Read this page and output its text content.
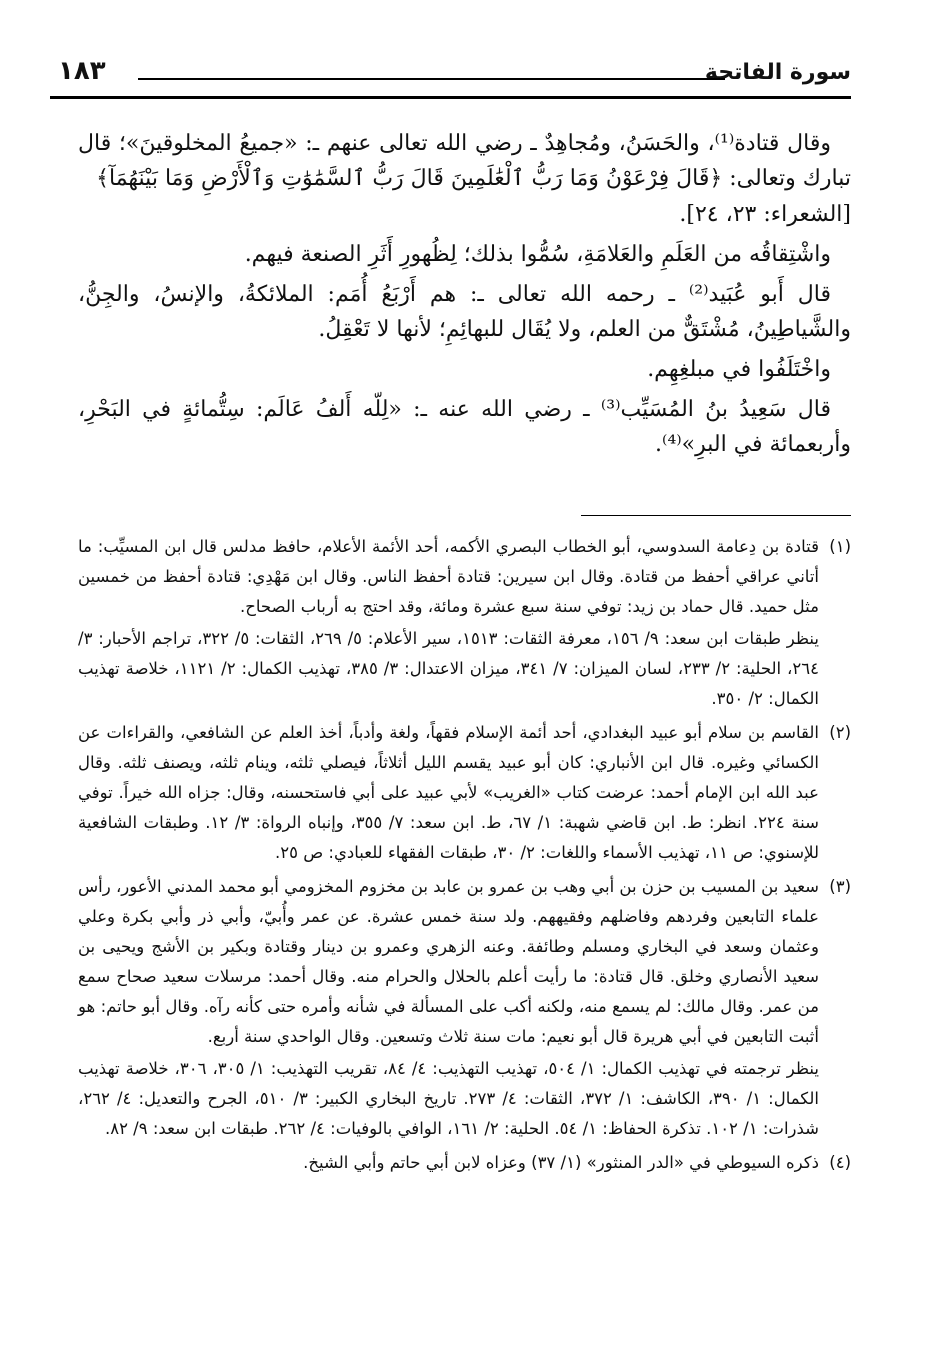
سورة الفاتحة
١٨٣

وقال قتادة⁽¹⁾، والحَسَنُ، ومُجاهِدٌ ـ رضي الله تعالى عنهم ـ: «جميعُ المخلوقينَ»؛ قال تبارك وتعالى: ﴿قَالَ فِرْعَوْنُ وَمَا رَبُّ ٱلْعَٰلَمِينَ قَالَ رَبُّ ٱلسَّمَٰوَٰتِ وَٱلْأَرْضِ وَمَا بَيْنَهُمَآ﴾

[الشعراء: ٢٣، ٢٤].

واشْتِقاقُه من العَلَمِ والعَلامَةِ، سُمُّوا بذلك؛ لِظُهورِ أَثَرِ الصنعة فيهم.

قال أَبو عُبَيد⁽²⁾ ـ رحمه الله تعالى ـ: هم أَرْبَعُ أُمَم: الملائكةُ، والإنسُ، والجِنُّ، والشَّياطِينُ، مُشْتَقٌّ من العلم، ولا يُقَال للبهائِمِ؛ لأنها لا تَعْقِلُ.

واخْتَلَفُوا في مبلغِهِم.

قال سَعِيدُ بنُ المُسَيِّب⁽³⁾ ـ رضي الله عنه ـ: «لِلّه أَلفُ عَالَم: سِتُّمائةٍ في البَحْرِ، وأربعمائة في البرِ»⁽⁴⁾.

(١)

قتادة بن دِعامة السدوسي، أبو الخطاب البصري الأكمه، أحد الأئمة الأعلام، حافظ مدلس قال ابن المسيِّب: ما أتاني عراقي أحفظ من قتادة. وقال ابن سيرين: قتادة أحفظ الناس. وقال ابن مَهْدِي: قتادة أحفظ من خمسين مثل حميد. قال حماد بن زيد: توفي سنة سبع عشرة ومائة، وقد احتج به أرباب الصحاح.

ينظر طبقات ابن سعد: ٩/ ١٥٦، معرفة الثقات: ١٥١٣، سير الأعلام: ٥/ ٢٦٩، الثقات: ٥/ ٣٢٢، تراجم الأحبار: ٣/ ٢٦٤، الحلية: ٢/ ٢٣٣، لسان الميزان: ٧/ ٣٤١، ميزان الاعتدال: ٣/ ٣٨٥، تهذيب الكمال: ٢/ ١١٢١، خلاصة تهذيب الكمال: ٢/ ٣٥٠.

(٢)

القاسم بن سلام أبو عبيد البغدادي، أحد أئمة الإسلام فقهاً، ولغة وأدباً، أخذ العلم عن الشافعي، والقراءات عن الكسائي وغيره. قال ابن الأنباري: كان أبو عبيد يقسم الليل أثلاثاً، فيصلي ثلثه، وينام ثلثه، ويصنف ثلثه. وقال عبد الله ابن الإمام أحمد: عرضت كتاب «الغريب» لأبي عبيد على أبي فاستحسنه، وقال: جزاه الله خيراً. توفي سنة ٢٢٤. انظر: ط. ابن قاضي شهبة: ١/ ٦٧، ط. ابن سعد: ٧/ ٣٥٥، وإنباه الرواة: ٣/ ١٢. وطبقات الشافعية للإسنوي: ص ١١، تهذيب الأسماء واللغات: ٢/ ٣٠، طبقات الفقهاء للعبادي: ص ٢٥.

(٣)

سعيد بن المسيب بن حزن بن أبي وهب بن عمرو بن عابد بن مخزوم المخزومي أبو محمد المدني الأعور، رأس علماء التابعين وفردهم وفاضلهم وفقيههم. ولد سنة خمس عشرة. عن عمر وأُبيّ، وأبي ذر وأبي بكرة وعلي وعثمان وسعد في البخاري ومسلم وطائفة. وعنه الزهري وعمرو بن دينار وقتادة وبكير بن الأشج ويحيى بن سعيد الأنصاري وخلق. قال قتادة: ما رأيت أعلم بالحلال والحرام منه. وقال أحمد: مرسلات سعيد صحاح سمع من عمر. وقال مالك: لم يسمع منه، ولكنه أكب على المسألة في شأنه وأمره حتى كأنه رآه. وقال أبو حاتم: هو أثبت التابعين في أبي هريرة قال أبو نعيم: مات سنة ثلاث وتسعين. وقال الواحدي سنة أربع.

ينظر ترجمته في تهذيب الكمال: ١/ ٥٠٤، تهذيب التهذيب: ٤/ ٨٤، تقريب التهذيب: ١/ ٣٠٥، ٣٠٦، خلاصة تهذيب الكمال: ١/ ٣٩٠، الكاشف: ١/ ٣٧٢، الثقات: ٤/ ٢٧٣. تاريخ البخاري الكبير: ٣/ ٥١٠، الجرح والتعديل: ٤/ ٢٦٢، شذرات: ١/ ١٠٢. تذكرة الحفاظ: ١/ ٥٤. الحلية: ٢/ ١٦١، الوافي بالوفيات: ٤/ ٢٦٢. طبقات ابن سعد: ٩/ ٨٢.

(٤)

ذكره السيوطي في «الدر المنثور» (١/ ٣٧) وعزاه لابن أبي حاتم وأبي الشيخ.
